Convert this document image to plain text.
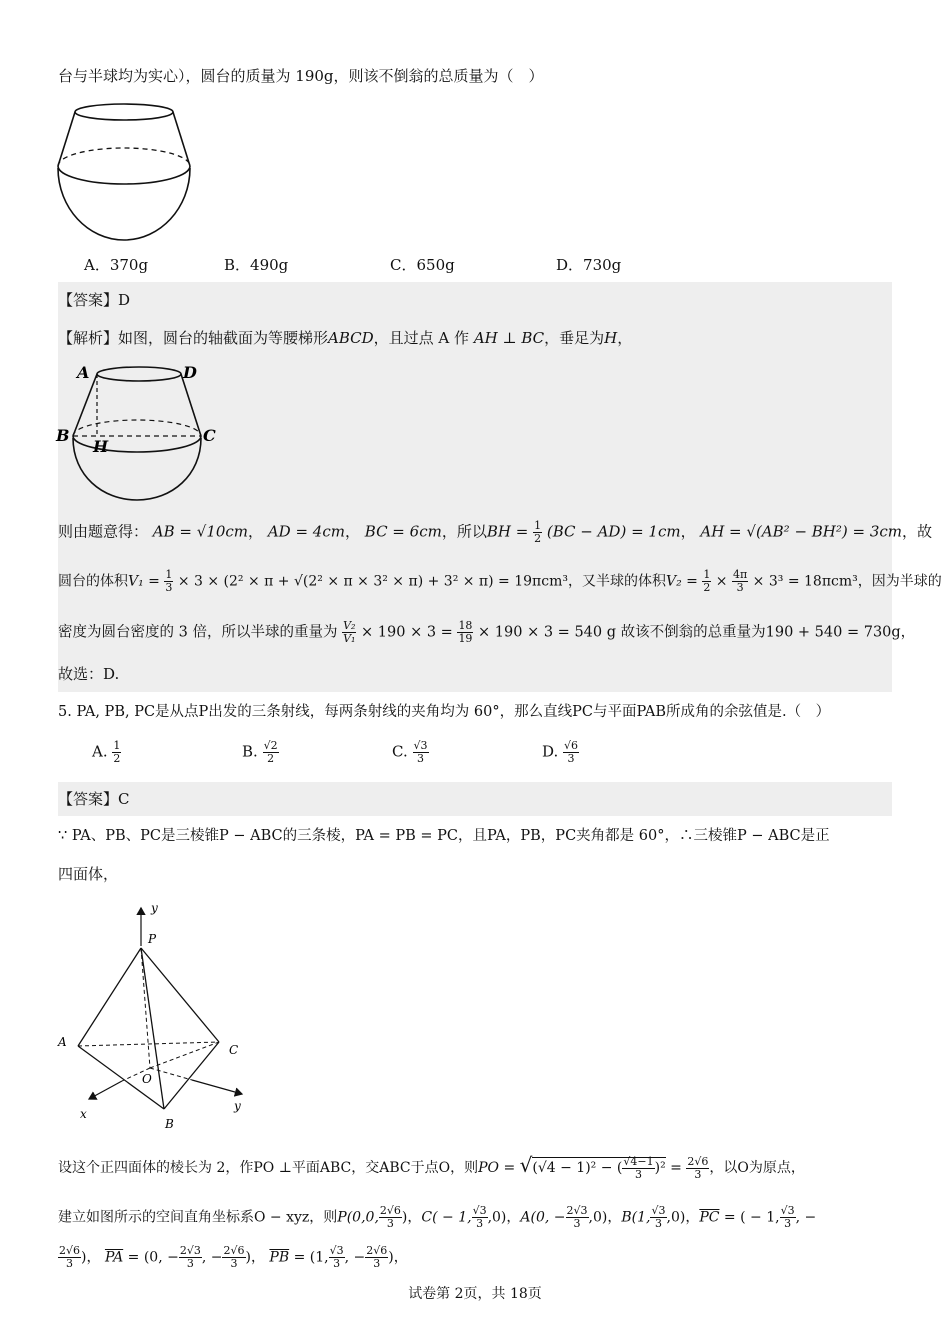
台与半球均为实心），圆台的质量为 190g，则该不倒翁的总质量为（　）
A．370g	B．490g	C．650g	D．730g
【答案】D
【解析】如图，圆台的轴截面为等腰梯形ABCD，且过点 A 作 AH ⊥ BC，垂足为H，
A	D
B	C
H
则由题意得： AB = √10cm， AD = 4cm， BC = 6cm，所以BH = $\frac{1}{2} (BC - AD) = 1cm$， AH = √(AB² − BH²) = 3cm，故
圆台的体积$V_1 = \frac{1}{3} \times 3 \times (2^2 \times \pi + √(2^2 \times \pi \times 3^2 \times \pi) + 3^2 \times \pi) = 19\pi cm^3$，又半球的体积$V_2 = \frac{1}{2} \times \frac{4\pi}{3} \times 3^3 = 18\pi cm^3$，因为半球的
密度为圆台密度的 3 倍，所以半球的重量为 $\frac{\text{V₂}}{\text{V₁}} \times 190 \times 3 = \frac{18}{19} \times 190 \times 3 = 540$ g 故该不倒翁的总重量为190 + 540 = 730g，
故选：D.
5. PA, PB, PC是从点P出发的三条射线，每两条射线的夹角均为 60°，那么直线PC与平面PAB所成角的余弦值是.（　）
A. $\frac{1}{2}$	B. $\frac{√2}{2}$	C. $\frac{√3}{3}$	D. $\frac{√6}{3}$
【答案】C
∵ PA、PB、PC是三棱锥P − ABC的三条棱，PA = PB = PC，且PA，PB，PC夹角都是 60°，∴三棱锥P − ABC是正
四面体，
y
P
A
C
O
x
B
y
设这个正四面体的棱长为 2，作PO ⊥平面ABC，交ABC于点O，则PO = √(√4 − 1)² − ( $\frac{√4-1}{3} )^2 = \frac{2√6}{3}$ ，以O为原点，
建立如图所示的空间直角坐标系O − xyz，则P(0,0, $\frac{2√6}{3}$ )，C( − 1, $\frac{√3}{3} ,0$)，A(0, − $\frac{2√3}{3} ,0$)，B(1, $\frac{√3}{3} ,0$)，$\overline{PC}$ = ( − 1, $\frac{√3}{3}$ , −
$\frac{2√6}{3}$ )， $\overline{PA} = (0$, − $\frac{2√3}{3}$ , − $\frac{2√6}{3}$ )， $\overline{PB} = (1$, $\frac{√3}{3}$ , − $\frac{2√6}{3}$ )，
试卷第 2页，共 18页
